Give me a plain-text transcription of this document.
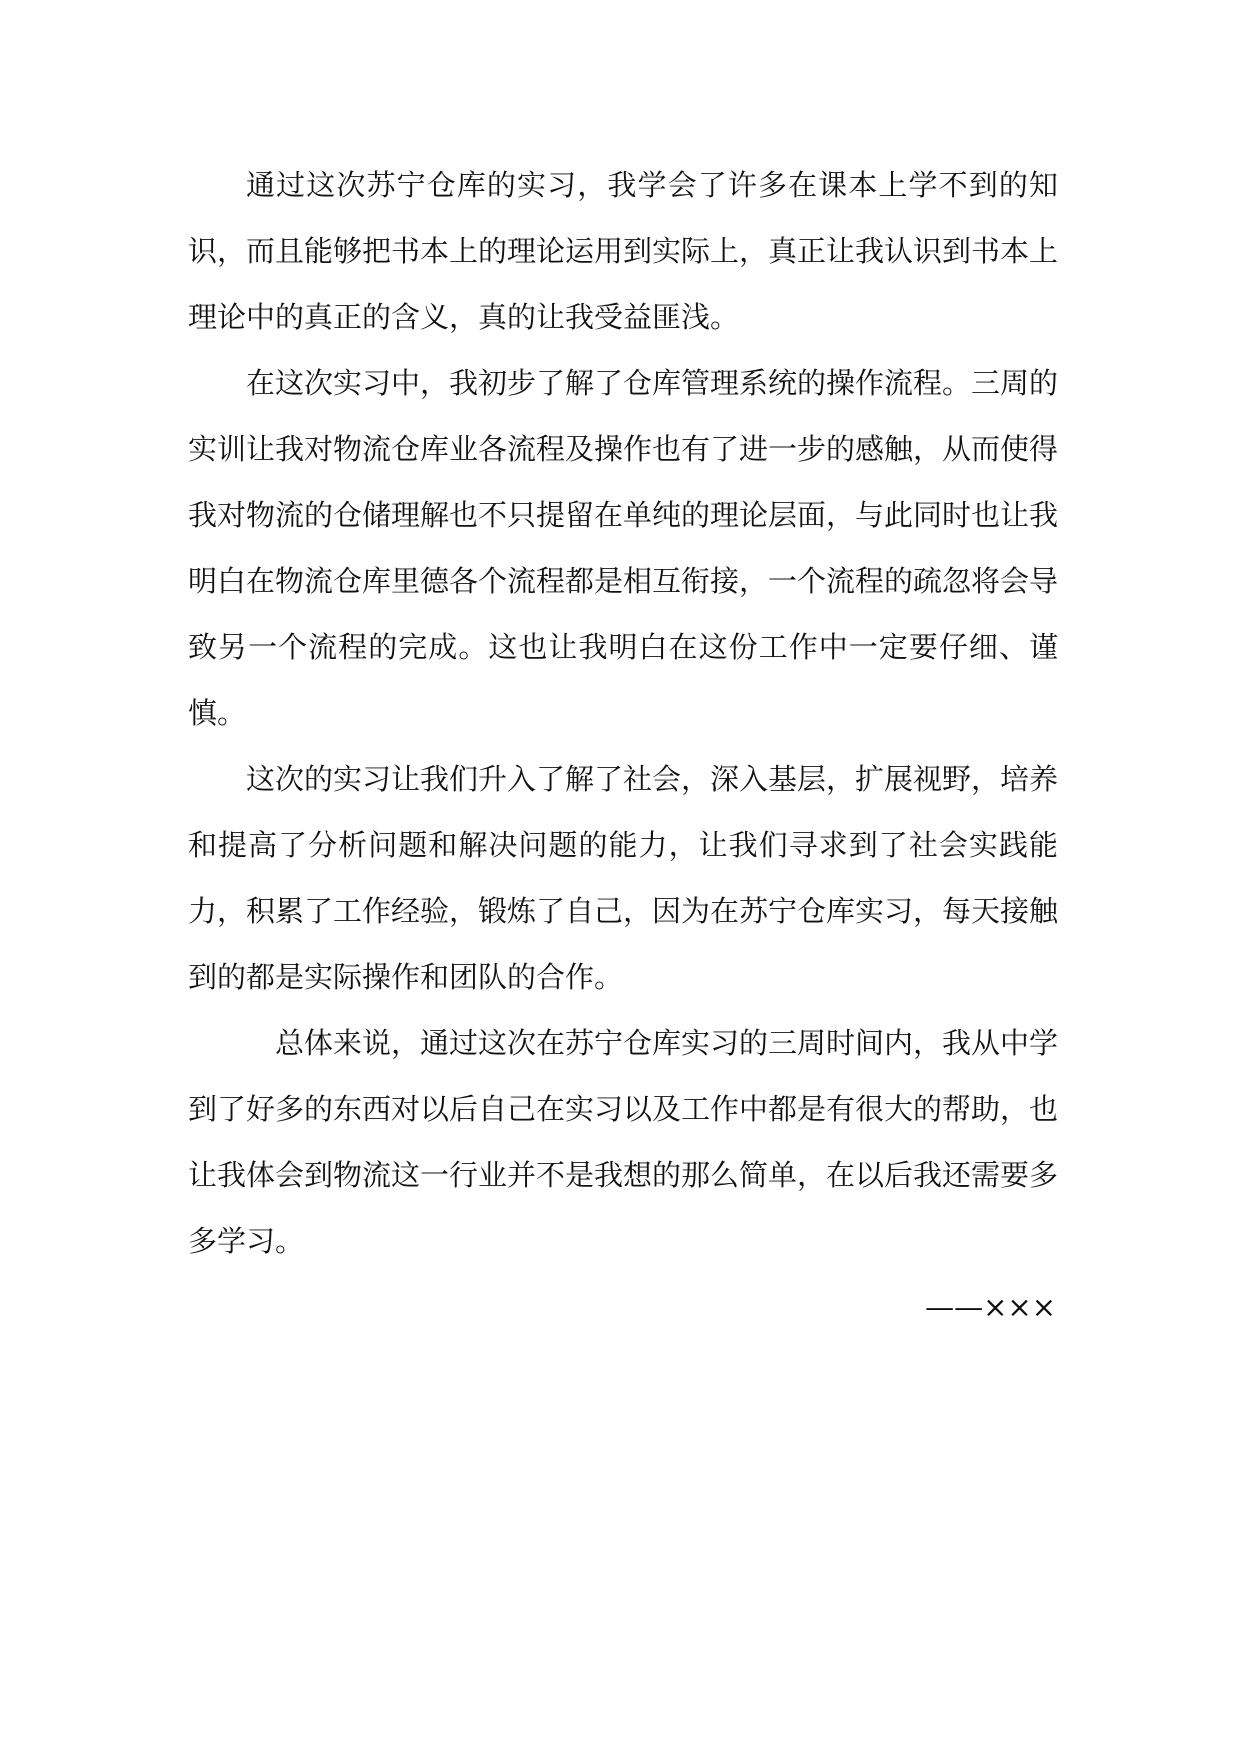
通过这次苏宁仓库的实习，我学会了许多在课本上学不到的知识，而且能够把书本上的理论运用到实际上，真正让我认识到书本上理论中的真正的含义，真的让我受益匪浅。

在这次实习中，我初步了解了仓库管理系统的操作流程。三周的实训让我对物流仓库业各流程及操作也有了进一步的感触，从而使得我对物流的仓储理解也不只提留在单纯的理论层面，与此同时也让我明白在物流仓库里德各个流程都是相互衔接，一个流程的疏忽将会导致另一个流程的完成。这也让我明白在这份工作中一定要仔细、谨慎。

这次的实习让我们升入了解了社会，深入基层，扩展视野，培养和提高了分析问题和解决问题的能力，让我们寻求到了社会实践能力，积累了工作经验，锻炼了自己，因为在苏宁仓库实习，每天接触到的都是实际操作和团队的合作。

总体来说，通过这次在苏宁仓库实习的三周时间内，我从中学到了好多的东西对以后自己在实习以及工作中都是有很大的帮助，也让我体会到物流这一行业并不是我想的那么简单，在以后我还需要多多学习。

——×××
